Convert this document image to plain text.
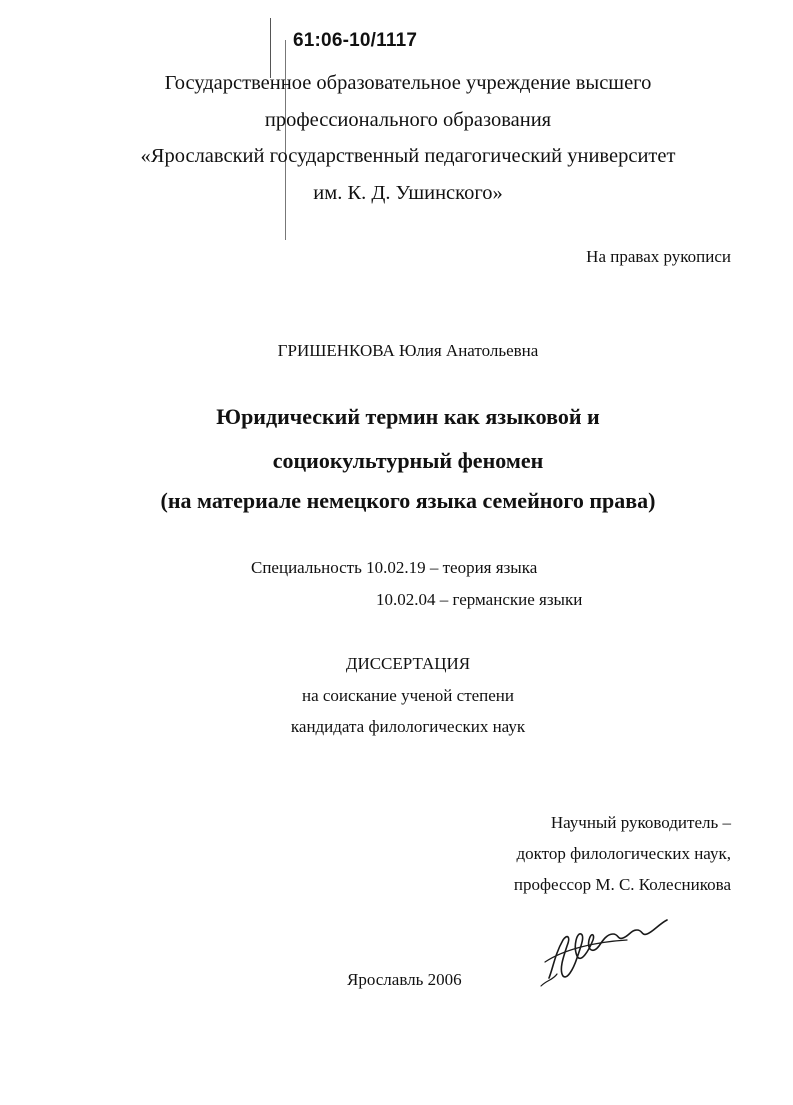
61:06-10/1117
Государственное образовательное учреждение высшего
профессионального образования
«Ярославский государственный педагогический университет
им. К. Д. Ушинского»
На правах рукописи
ГРИШЕНКОВА Юлия Анатольевна
Юридический термин как языковой и
социокультурный феномен
(на материале немецкого языка семейного права)
Специальность 10.02.19 – теория языка
10.02.04 – германские языки
ДИССЕРТАЦИЯ
на соискание ученой степени
кандидата филологических наук
Научный руководитель –
доктор филологических наук,
профессор М. С. Колесникова
Ярославль 2006
